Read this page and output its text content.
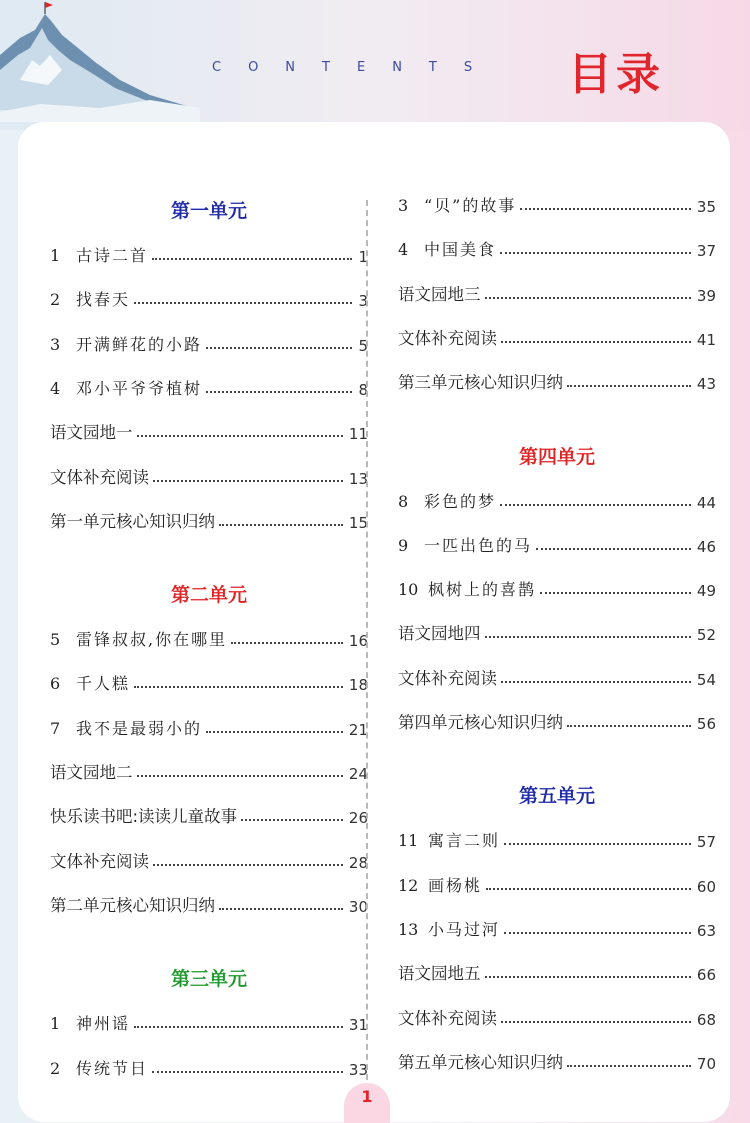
CONTENTS 目录
第一单元
1 古诗二首	1
2 找春天	3
3 开满鲜花的小路	5
4 邓小平爷爷植树	8
语文园地一	11
文体补充阅读	13
第一单元核心知识归纳	15
第二单元
5 雷锋叔叔,你在哪里	16
6 千人糕	18
7 我不是最弱小的	21
语文园地二	24
快乐读书吧:读读儿童故事	26
文体补充阅读	28
第二单元核心知识归纳	30
第三单元
1 神州谣	31
2 传统节日	33
3 “贝”的故事	35
4 中国美食	37
语文园地三	39
文体补充阅读	41
第三单元核心知识归纳	43
第四单元
8 彩色的梦	44
9 一匹出色的马	46
10 枫树上的喜鹊	49
语文园地四	52
文体补充阅读	54
第四单元核心知识归纳	56
第五单元
11 寓言二则	57
12 画杨桃	60
13 小马过河	63
语文园地五	66
文体补充阅读	68
第五单元核心知识归纳	70
1
